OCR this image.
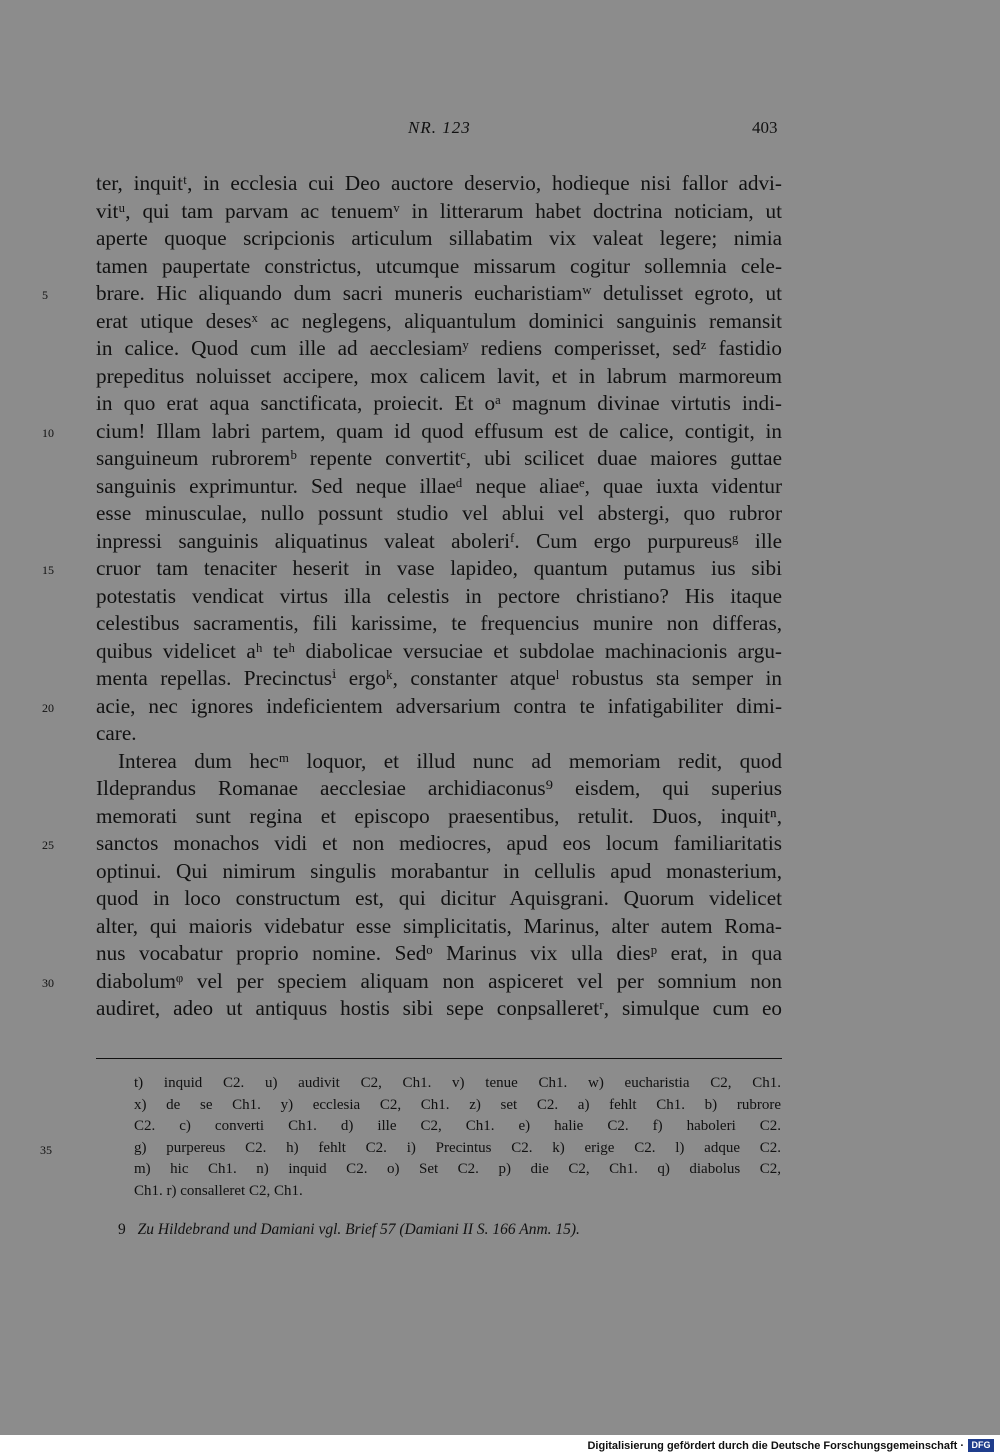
NR. 123	403
ter, inquitᵗ, in ecclesia cui Deo auctore deservio, hodieque nisi fallor advi-
vitᵘ, qui tam parvam ac tenuemᵛ in litterarum habet doctrina noticiam, ut
aperte quoque scripcionis articulum sillabatim vix valeat legere; nimia
tamen paupertate constrictus, utcumque missarum cogitur sollemnia cele-
5	brare. Hic aliquando dum sacri muneris eucharistiamʷ detulisset egroto, ut
erat utique desesˣ ac neglegens, aliquantulum dominici sanguinis remansit
in calice. Quod cum ille ad aecclesiamʸ rediens comperisset, sedᶻ fastidio
prepeditus noluisset accipere, mox calicem lavit, et in labrum marmoreum
in quo erat aqua sanctificata, proiecit. Et oᵃ magnum divinae virtutis indi-
10	cium! Illam labri partem, quam id quod effusum est de calice, contigit, in
sanguineum rubroremᵇ repente convertitᶜ, ubi scilicet duae maiores guttae
sanguinis exprimuntur. Sed neque illaeᵈ neque aliaeᵉ, quae iuxta videntur
esse minusculae, nullo possunt studio vel ablui vel abstergi, quo rubror
inpressi sanguinis aliquatinus valeat aboleriᶠ. Cum ergo purpureusᵍ ille
15	cruor tam tenaciter heserit in vase lapideo, quantum putamus ius sibi
potestatis vendicat virtus illa celestis in pectore christiano? His itaque
celestibus sacramentis, fili karissime, te frequencius munire non differas,
quibus videlicet aʰ teʰ diabolicae versuciae et subdolae machinacionis argu-
menta repellas. Precinctusⁱ ergoᵏ, constanter atqueˡ robustus sta semper in
20	acie, nec ignores indeficientem adversarium contra te infatigabiliter dimi-
care.
Interea dum hecᵐ loquor, et illud nunc ad memoriam redit, quod
Ildeprandus Romanae aecclesiae archidiaconus⁹ eisdem, qui superius
memorati sunt regina et episcopo praesentibus, retulit. Duos, inquitⁿ,
25	sanctos monachos vidi et non mediocres, apud eos locum familiaritatis
optinui. Qui nimirum singulis morabantur in cellulis apud monasterium,
quod in loco constructum est, qui dicitur Aquisgrani. Quorum videlicet
alter, qui maioris videbatur esse simplicitatis, Marinus, alter autem Roma-
nus vocabatur proprio nomine. Sedᵒ Marinus vix ulla diesᵖ erat, in qua
30	diabolumᵠ vel per speciem aliquam non aspiceret vel per somnium non
audiret, adeo ut antiquus hostis sibi sepe conpsalleretʳ, simulque cum eo
t) inquid C2. u) audivit C2, Ch1. v) tenue Ch1. w) eucharistia C2, Ch1.
x) de se Ch1. y) ecclesia C2, Ch1. z) set C2. a) fehlt Ch1. b) rubrore
C2. c) converti Ch1. d) ille C2, Ch1. e) halie C2. f) haboleri C2.
35	g) purpereus C2. h) fehlt C2. i) Precintus C2. k) erige C2. l) adque C2.
m) hic Ch1. n) inquid C2. o) Set C2. p) die C2, Ch1. q) diabolus C2,
Ch1. r) consalleret C2, Ch1.
9 Zu Hildebrand und Damiani vgl. Brief 57 (Damiani II S. 166 Anm. 15).
Digitalisierung gefördert durch die Deutsche Forschungsgemeinschaft · DFG
